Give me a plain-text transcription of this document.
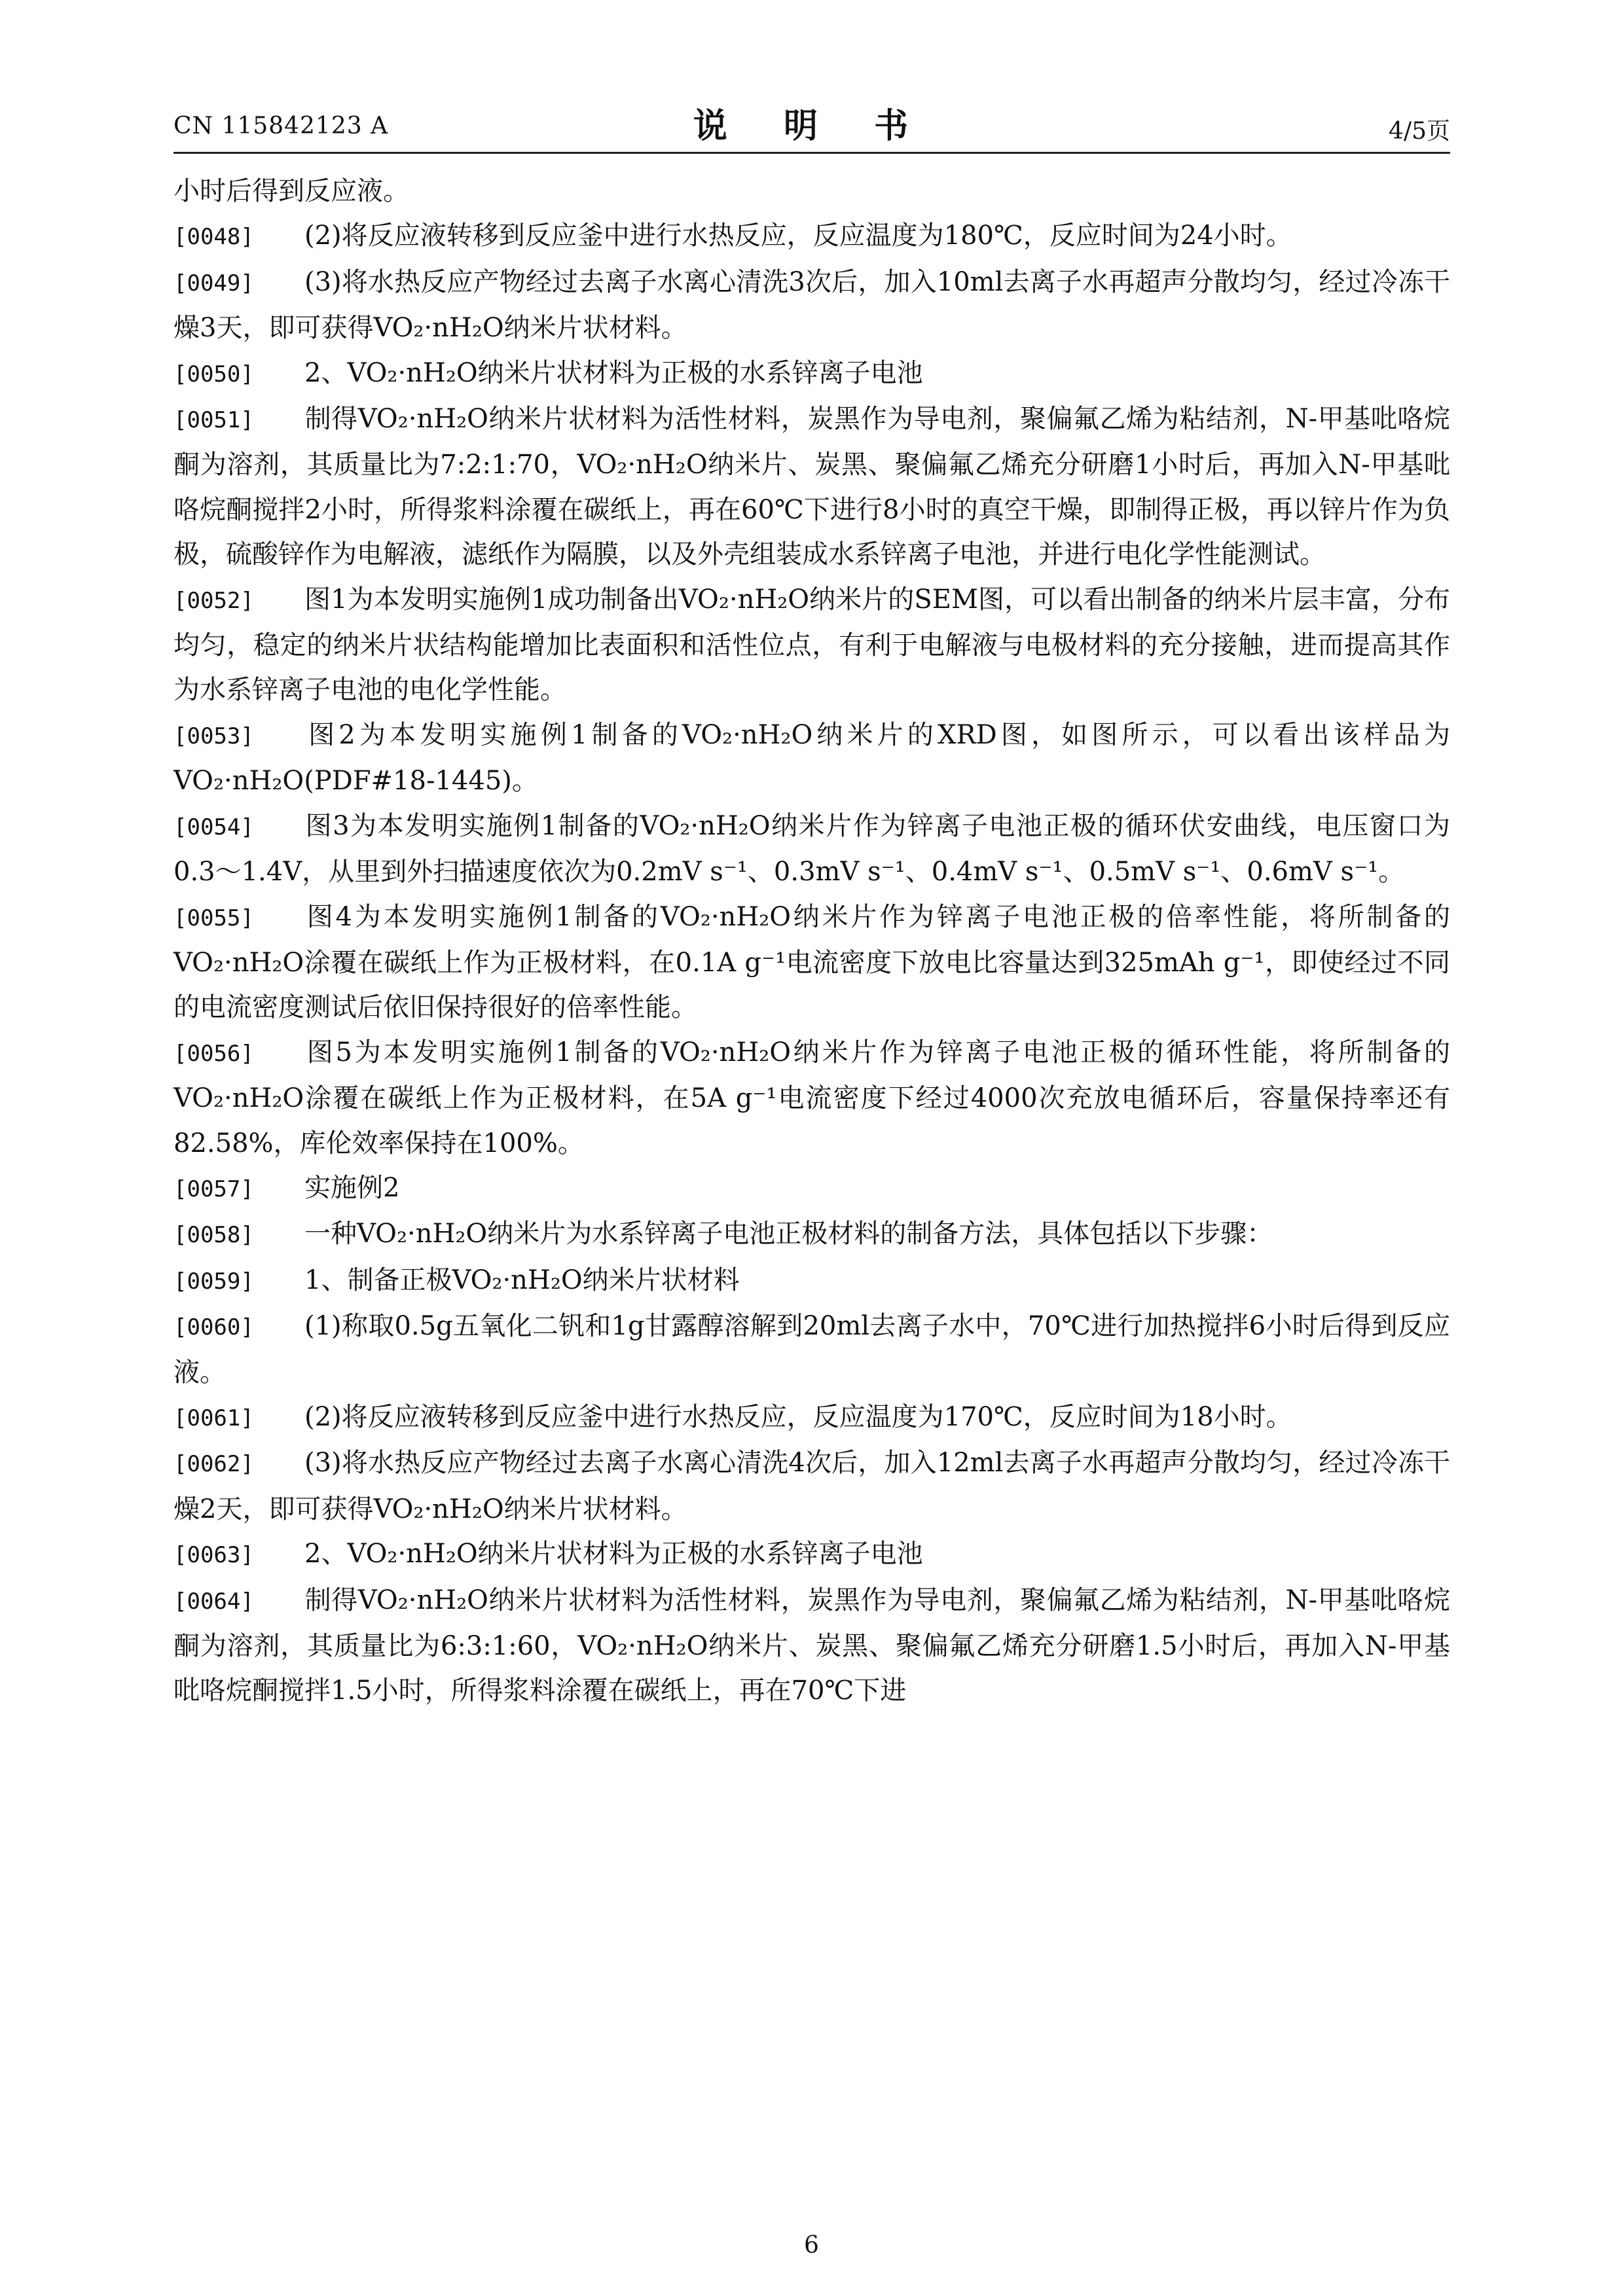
CN 115842123 A	说 明 书	4/5页

小时后得到反应液。

[0048] (2)将反应液转移到反应釜中进行水热反应，反应温度为180℃，反应时间为24小时。

[0049] (3)将水热反应产物经过去离子水离心清洗3次后，加入10ml去离子水再超声分散均匀，经过冷冻干燥3天，即可获得VO₂·nH₂O纳米片状材料。

[0050] 2、VO₂·nH₂O纳米片状材料为正极的水系锌离子电池

[0051] 制得VO₂·nH₂O纳米片状材料为活性材料，炭黑作为导电剂，聚偏氟乙烯为粘结剂，N-甲基吡咯烷酮为溶剂，其质量比为7:2:1:70，VO₂·nH₂O纳米片、炭黑、聚偏氟乙烯充分研磨1小时后，再加入N-甲基吡咯烷酮搅拌2小时，所得浆料涂覆在碳纸上，再在60℃下进行8小时的真空干燥，即制得正极，再以锌片作为负极，硫酸锌作为电解液，滤纸作为隔膜，以及外壳组装成水系锌离子电池，并进行电化学性能测试。

[0052] 图1为本发明实施例1成功制备出VO₂·nH₂O纳米片的SEM图，可以看出制备的纳米片层丰富，分布均匀，稳定的纳米片状结构能增加比表面积和活性位点，有利于电解液与电极材料的充分接触，进而提高其作为水系锌离子电池的电化学性能。

[0053] 图2为本发明实施例1制备的VO₂·nH₂O纳米片的XRD图，如图所示，可以看出该样品为VO₂·nH₂O(PDF#18-1445)。

[0054] 图3为本发明实施例1制备的VO₂·nH₂O纳米片作为锌离子电池正极的循环伏安曲线，电压窗口为0.3～1.4V，从里到外扫描速度依次为0.2mV s⁻¹、0.3mV s⁻¹、0.4mV s⁻¹、0.5mV s⁻¹、0.6mV s⁻¹。

[0055] 图4为本发明实施例1制备的VO₂·nH₂O纳米片作为锌离子电池正极的倍率性能，将所制备的VO₂·nH₂O涂覆在碳纸上作为正极材料，在0.1A g⁻¹电流密度下放电比容量达到325mAh g⁻¹，即使经过不同的电流密度测试后依旧保持很好的倍率性能。

[0056] 图5为本发明实施例1制备的VO₂·nH₂O纳米片作为锌离子电池正极的循环性能，将所制备的VO₂·nH₂O涂覆在碳纸上作为正极材料，在5A g⁻¹电流密度下经过4000次充放电循环后，容量保持率还有82.58%，库伦效率保持在100%。

[0057] 实施例2

[0058] 一种VO₂·nH₂O纳米片为水系锌离子电池正极材料的制备方法，具体包括以下步骤：

[0059] 1、制备正极VO₂·nH₂O纳米片状材料

[0060] (1)称取0.5g五氧化二钒和1g甘露醇溶解到20ml去离子水中，70℃进行加热搅拌6小时后得到反应液。

[0061] (2)将反应液转移到反应釜中进行水热反应，反应温度为170℃，反应时间为18小时。

[0062] (3)将水热反应产物经过去离子水离心清洗4次后，加入12ml去离子水再超声分散均匀，经过冷冻干燥2天，即可获得VO₂·nH₂O纳米片状材料。

[0063] 2、VO₂·nH₂O纳米片状材料为正极的水系锌离子电池

[0064] 制得VO₂·nH₂O纳米片状材料为活性材料，炭黑作为导电剂，聚偏氟乙烯为粘结剂，N-甲基吡咯烷酮为溶剂，其质量比为6:3:1:60，VO₂·nH₂O纳米片、炭黑、聚偏氟乙烯充分研磨1.5小时后，再加入N-甲基吡咯烷酮搅拌1.5小时，所得浆料涂覆在碳纸上，再在70℃下进

6
